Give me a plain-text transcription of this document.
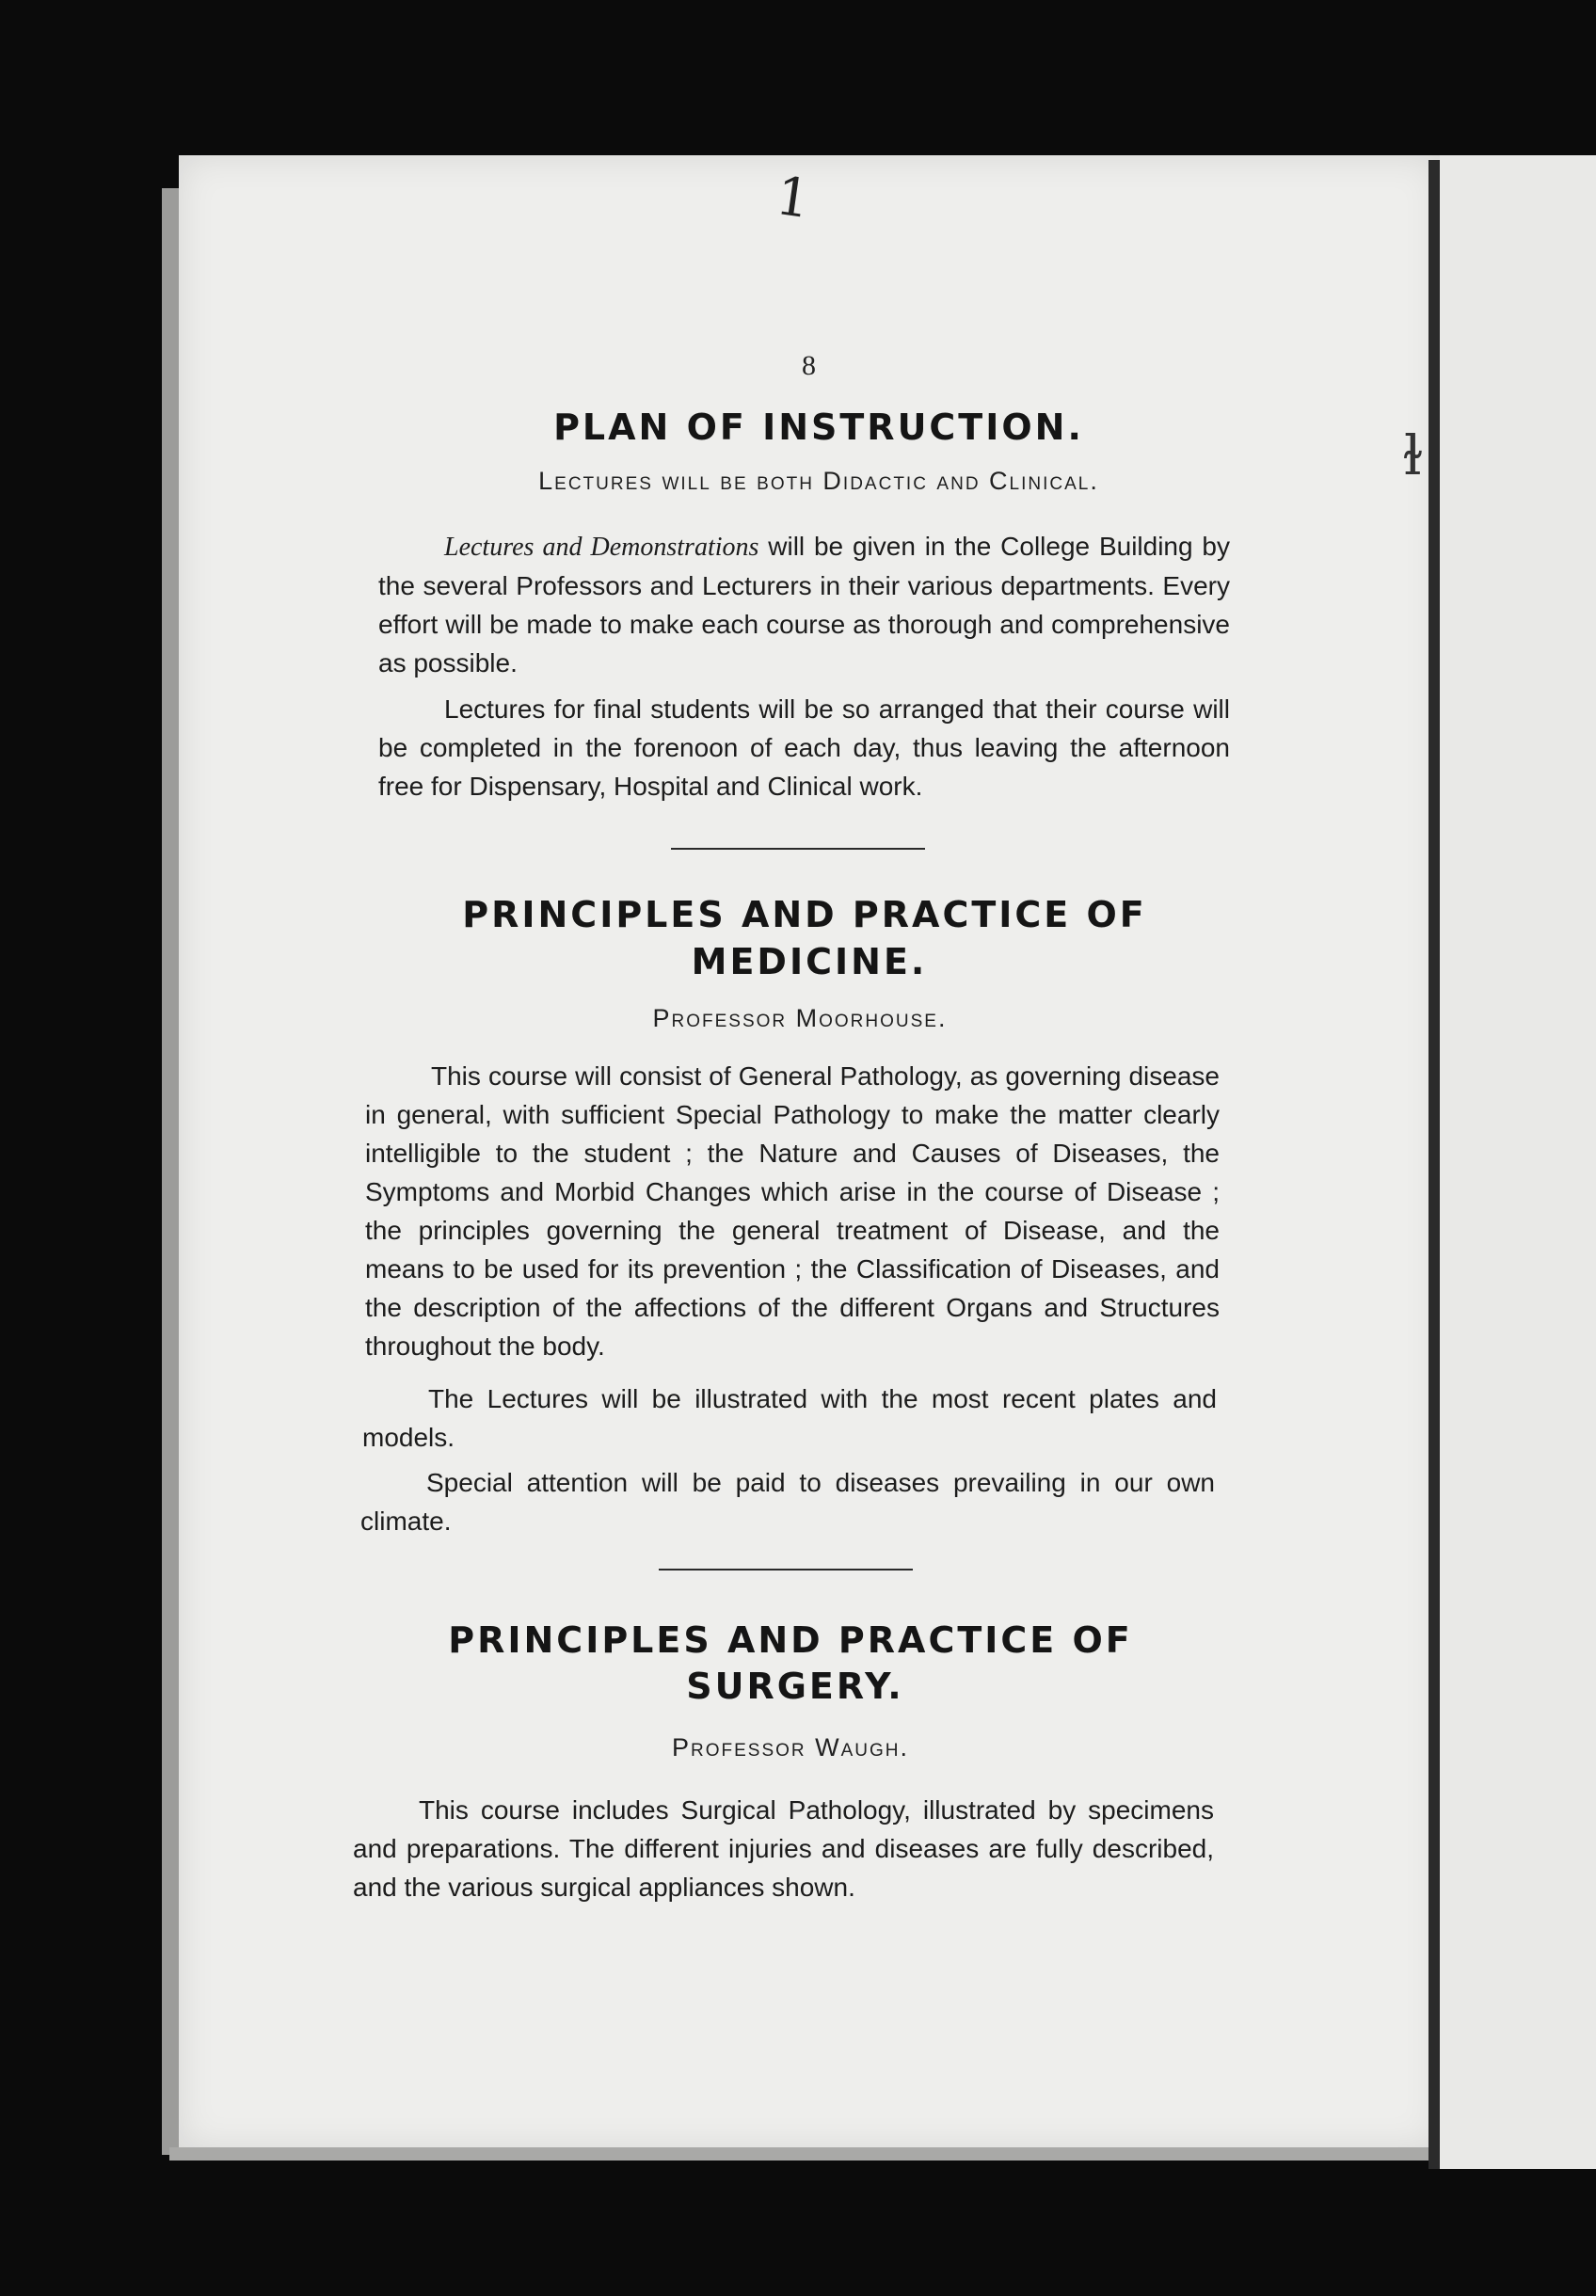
1
ɫ
8
PLAN OF INSTRUCTION.
Lectures will be both Didactic and Clinical.
Lectures and Demonstrations will be given in the College Building by the several Professors and Lecturers in their various departments. Every effort will be made to make each course as thorough and comprehensive as possible.
Lectures for final students will be so arranged that their course will be completed in the forenoon of each day, thus leaving the afternoon free for Dispensary, Hospital and Clinical work.
PRINCIPLES AND PRACTICE OF
MEDICINE.
Professor Moorhouse.
This course will consist of General Pathology, as governing disease in general, with sufficient Special Pathology to make the matter clearly intelligible to the student ; the Nature and Causes of Diseases, the Symptoms and Morbid Changes which arise in the course of Disease ; the principles governing the general treatment of Disease, and the means to be used for its prevention ; the Classification of Diseases, and the description of the affections of the different Organs and Structures throughout the body.
The Lectures will be illustrated with the most recent plates and models.
Special attention will be paid to diseases prevailing in our own climate.
PRINCIPLES AND PRACTICE OF
SURGERY.
Professor Waugh.
This course includes Surgical Pathology, illustrated by specimens and preparations. The different injuries and diseases are fully described, and the various surgical appliances shown.
